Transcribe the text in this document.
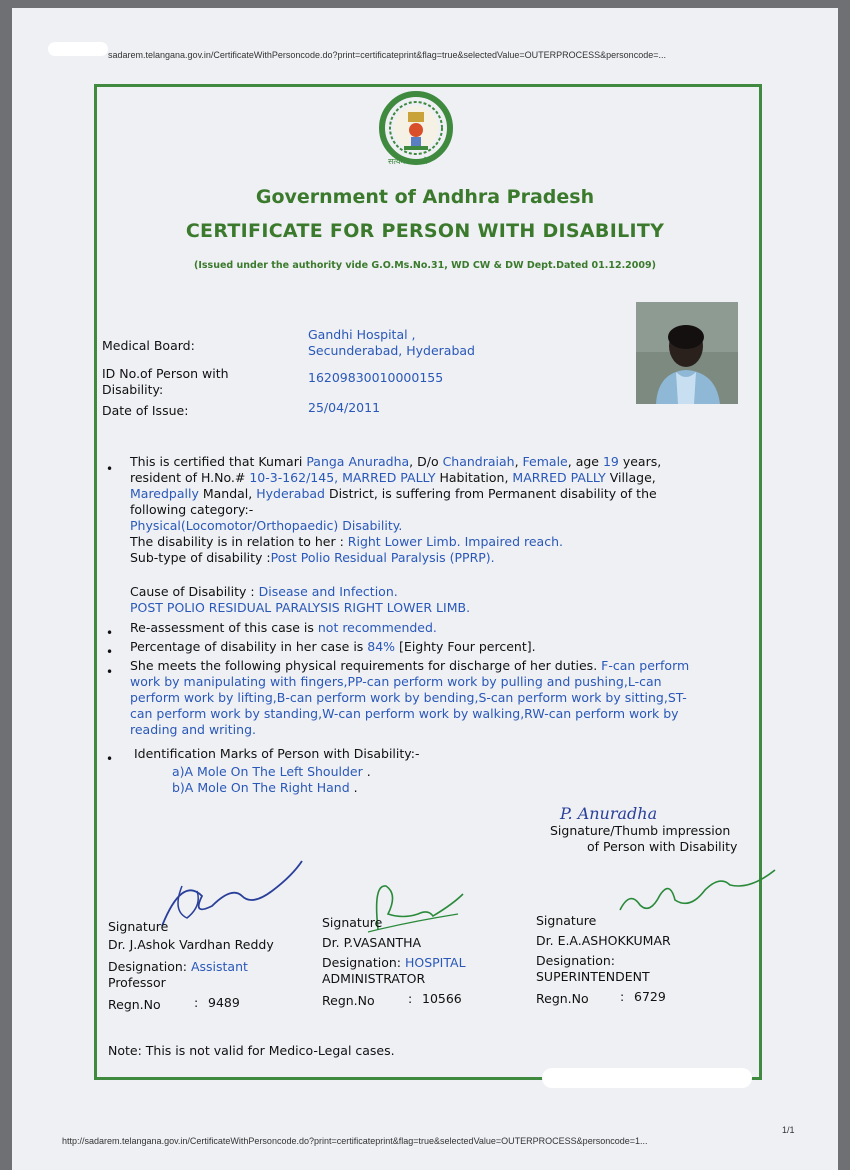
sadarem.telangana.gov.in/CertificateWithPersoncode.do?print=certificateprint&flag=true&selectedValue=OUTERPROCESS&personcode=...
सत्यमेव जयते
Government of Andhra Pradesh
CERTIFICATE FOR PERSON WITH DISABILITY
(Issued under the authority vide G.O.Ms.No.31, WD CW & DW Dept.Dated 01.12.2009)
Medical Board:
Gandhi Hospital ,
Secunderabad, Hyderabad
ID No.of Person with
Disability:
16209830010000155
Date of Issue:	25/04/2011
• This is certified that Kumari Panga Anuradha, D/o Chandraiah, Female, age 19 years,
resident of H.No.# 10-3-162/145, MARRED PALLY Habitation, MARRED PALLY Village,
Maredpally Mandal, Hyderabad District, is suffering from Permanent disability of the
following category:-
Physical(Locomotor/Orthopaedic) Disability.
The disability is in relation to her : Right Lower Limb. Impaired reach.
Sub-type of disability :Post Polio Residual Paralysis (PPRP).
Cause of Disability : Disease and Infection.
POST POLIO RESIDUAL PARALYSIS RIGHT LOWER LIMB.
• Re-assessment of this case is not recommended.
• Percentage of disability in her case is 84% [Eighty Four percent].
• She meets the following physical requirements for discharge of her duties. F-can perform
work by manipulating with fingers,PP-can perform work by pulling and pushing,L-can
perform work by lifting,B-can perform work by bending,S-can perform work by sitting,ST-
can perform work by standing,W-can perform work by walking,RW-can perform work by
reading and writing.
• Identification Marks of Person with Disability:-
a)A Mole On The Left Shoulder .
b)A Mole On The Right Hand .
P. Anuradha
Signature/Thumb impression
of Person with Disability
Signature
Dr. J.Ashok Vardhan Reddy
Designation: Assistant
Professor
Regn.No	: 9489
Signature
Dr. P.VASANTHA
Designation: HOSPITAL
ADMINISTRATOR
Regn.No	: 10566
Signature
Dr. E.A.ASHOKKUMAR
Designation:
SUPERINTENDENT
Regn.No	: 6729
Note: This is not valid for Medico-Legal cases.
http://sadarem.telangana.gov.in/CertificateWithPersoncode.do?print=certificateprint&flag=true&selectedValue=OUTERPROCESS&personcode=1...
1/1
